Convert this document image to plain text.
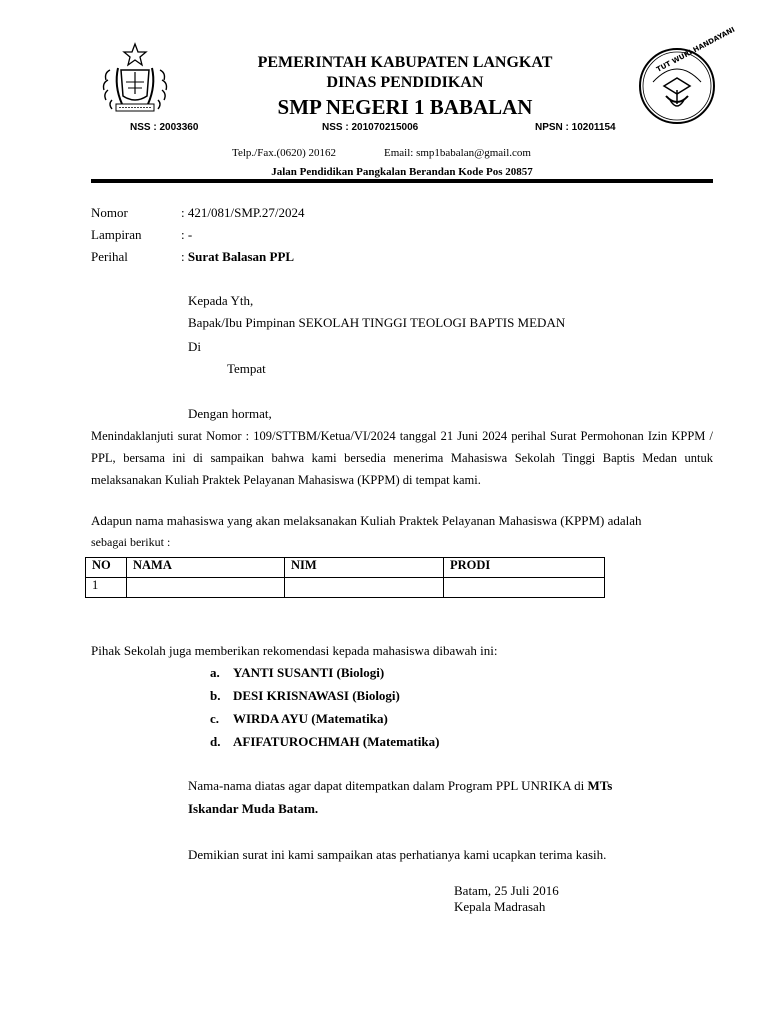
TUT WURI HANDAYANI
PEMERINTAH KABUPATEN LANGKAT
DINAS PENDIDIKAN
SMP NEGERI 1 BABALAN
NSS : 2003360	NSS : 201070215006	NPSN : 10201154
Telp./Fax.(0620) 20162	Email: smp1babalan@gmail.com
Jalan Pendidikan Pangkalan Berandan Kode Pos 20857
Nomor	: 421/081/SMP.27/2024
Lampiran	: -
Perihal	: Surat Balasan PPL
Kepada Yth,
Bapak/Ibu Pimpinan SEKOLAH TINGGI TEOLOGI BAPTIS MEDAN
Di
Tempat
Dengan hormat,
Menindaklanjuti surat Nomor : 109/STTBM/Ketua/VI/2024 tanggal 21 Juni 2024 perihal Surat Permohonan Izin KPPM / PPL, bersama ini di sampaikan bahwa kami bersedia menerima Mahasiswa Sekolah Tinggi Baptis Medan untuk melaksanakan Kuliah Praktek Pelayanan Mahasiswa (KPPM) di tempat kami.
Adapun nama mahasiswa yang akan melaksanakan Kuliah Praktek Pelayanan Mahasiswa (KPPM) adalah
sebagai berikut :
NO	NAMA	NIM	PRODI
1			
Pihak Sekolah juga memberikan rekomendasi kepada mahasiswa dibawah ini:
a. YANTI SUSANTI (Biologi)
b. DESI KRISNAWASI (Biologi)
c. WIRDA AYU (Matematika)
d. AFIFATUROCHMAH (Matematika)
Nama-nama diatas agar dapat ditempatkan dalam Program PPL UNRIKA di MTs
Iskandar Muda Batam.
Demikian surat ini kami sampaikan atas perhatianya kami ucapkan terima kasih.
Batam, 25 Juli 2016
Kepala Madrasah
